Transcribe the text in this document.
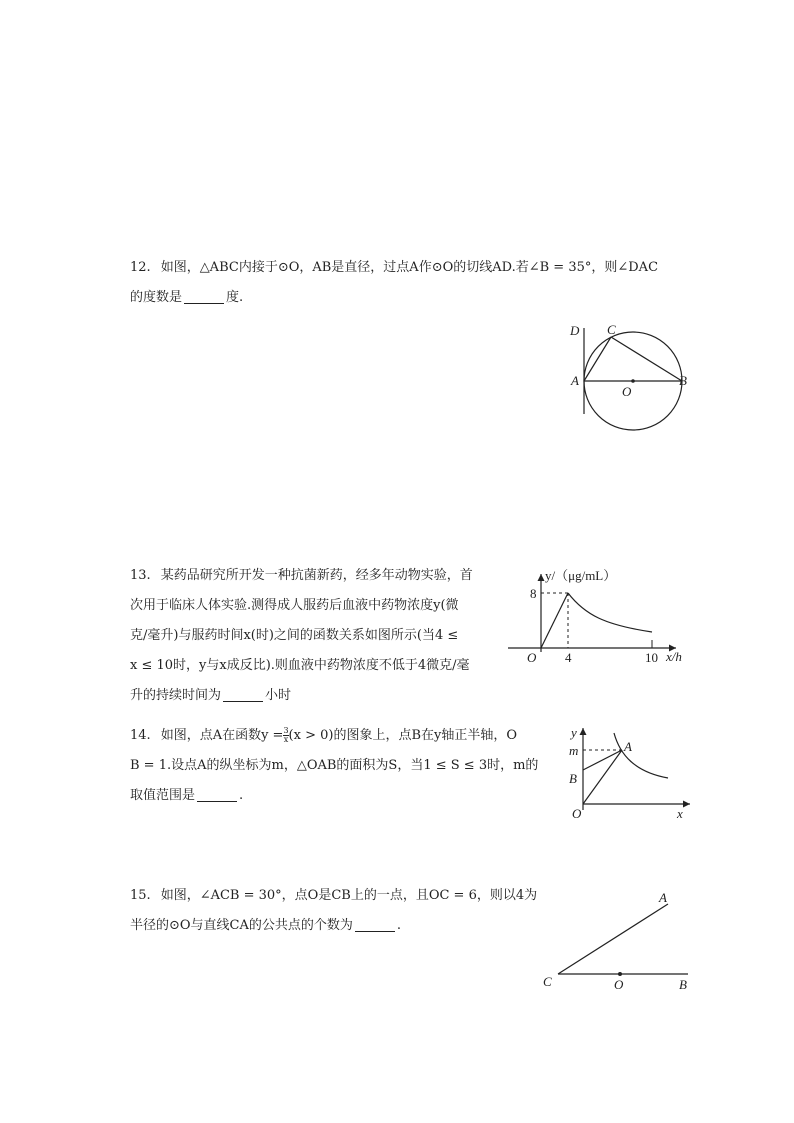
12. 如图，△ABC内接于⊙O，AB是直径，过点A作⊙O的切线AD.若∠B = 35°，则∠DAC
的度数是	度.
D C
A
O
B
13. 某药品研究所开发一种抗菌新药，经多年动物实验，首
次用于临床人体实验.测得成人服药后血液中药物浓度y(微
克/毫升)与服药时间x(时)之间的函数关系如图所示(当4 ≤
x ≤ 10时，y与x成反比).则血液中药物浓度不低于4微克/毫
升的持续时间为	小时
y/（μg/mL）
x/h
O
8
4	10
14. 如图，点A在函数$y = \frac{3}{x} (x > 0)$的图象上，点B在y轴正半轴，O
B = 1.设点A的纵坐标为m，△OAB的面积为S，当1 ≤ S ≤ 3时，m的
取值范围是	.
y
m	A
B
O	x
15. 如图，∠ACB = 30°，点O是CB上的一点，且OC = 6，则以4为
半径的⊙O与直线CA的公共点的个数为	.
A
C	O	B
